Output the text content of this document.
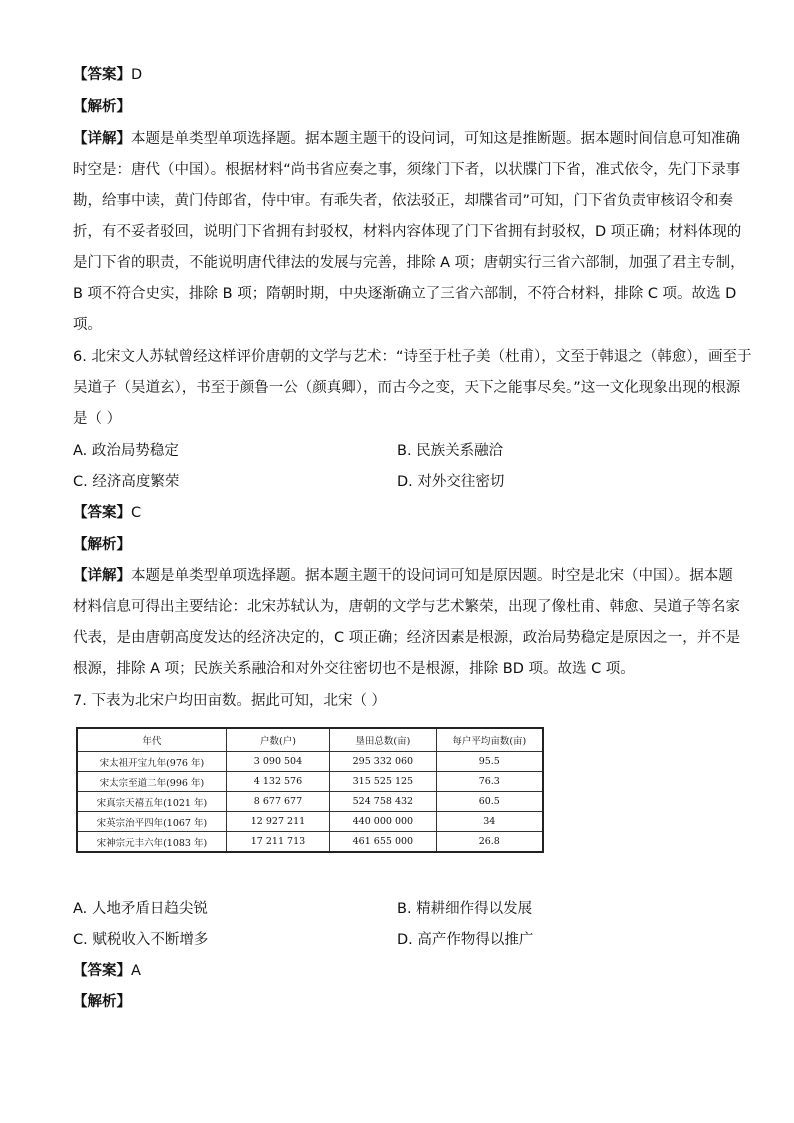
【答案】D
【解析】
【详解】本题是单类型单项选择题。据本题主题干的设问词，可知这是推断题。据本题时间信息可知准确
时空是：唐代（中国）。根据材料“尚书省应奏之事，须缘门下者，以状牒门下省，准式依令，先门下录事
勘，给事中读，黄门侍郎省，侍中审。有乖失者，依法驳正，却牒省司”可知，门下省负责审核诏令和奏
折，有不妥者驳回，说明门下省拥有封驳权，材料内容体现了门下省拥有封驳权，D 项正确；材料体现的
是门下省的职责，不能说明唐代律法的发展与完善，排除 A 项；唐朝实行三省六部制，加强了君主专制，
B 项不符合史实，排除 B 项；隋朝时期，中央逐渐确立了三省六部制，不符合材料，排除 C 项。故选 D
项。
6. 北宋文人苏轼曾经这样评价唐朝的文学与艺术：“诗至于杜子美（杜甫），文至于韩退之（韩愈），画至于
吴道子（吴道玄），书至于颜鲁一公（颜真卿），而古今之变，天下之能事尽矣。”这一文化现象出现的根源
是（ ）
A. 政治局势稳定	B. 民族关系融洽
C. 经济高度繁荣	D. 对外交往密切
【答案】C
【解析】
【详解】本题是单类型单项选择题。据本题主题干的设问词可知是原因题。时空是北宋（中国）。据本题
材料信息可得出主要结论：北宋苏轼认为，唐朝的文学与艺术繁荣，出现了像杜甫、韩愈、吴道子等名家
代表，是由唐朝高度发达的经济决定的，C 项正确；经济因素是根源，政治局势稳定是原因之一，并不是
根源，排除 A 项；民族关系融洽和对外交往密切也不是根源，排除 BD 项。故选 C 项。
7. 下表为北宋户均田亩数。据此可知，北宋（ ）
年代	户数(户)	垦田总数(亩)	每户平均亩数(亩)
宋太祖开宝九年(976 年)	3 090 504	295 332 060	95.5
宋太宗至道二年(996 年)	4 132 576	315 525 125	76.3
宋真宗天禧五年(1021 年)	8 677 677	524 758 432	60.5
宋英宗治平四年(1067 年)	12 927 211	440 000 000	34
宋神宗元丰六年(1083 年)	17 211 713	461 655 000	26.8
A. 人地矛盾日趋尖锐	B. 精耕细作得以发展
C. 赋税收入不断增多	D. 高产作物得以推广
【答案】A
【解析】
